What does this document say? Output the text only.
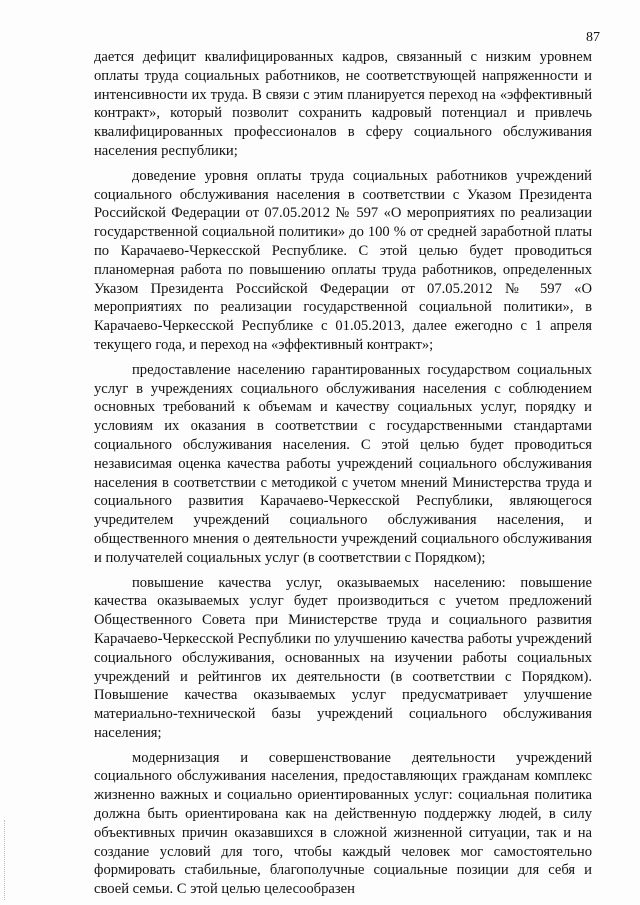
87

дается дефицит квалифицированных кадров, связанный с низким уровнем оплаты труда социальных работников, не соответствующей напряженности и интенсивности их труда. В связи с этим планируется переход на «эффективный контракт», который позволит сохранить кадровый потенциал и привлечь квалифицированных профессионалов в сферу социального обслуживания населения республики;

доведение уровня оплаты труда социальных работников учреждений социального обслуживания населения в соответствии с Указом Президента Российской Федерации от 07.05.2012 № 597 «О мероприятиях по реализации государственной социальной политики» до 100 % от средней заработной платы по Карачаево-Черкесской Республике. С этой целью будет проводиться планомерная работа по повышению оплаты труда работников, определенных Указом Президента Российской Федерации от 07.05.2012 № 597 «О мероприятиях по реализации государственной социальной политики», в Карачаево-Черкесской Республике с 01.05.2013, далее ежегодно с 1 апреля текущего года, и переход на «эффективный контракт»;

предоставление населению гарантированных государством социальных услуг в учреждениях социального обслуживания населения с соблюдением основных требований к объемам и качеству социальных услуг, порядку и условиям их оказания в соответствии с государственными стандартами социального обслуживания населения. С этой целью будет проводиться независимая оценка качества работы учреждений социального обслуживания населения в соответствии с методикой с учетом мнений Министерства труда и социального развития Карачаево-Черкесской Республики, являющегося учредителем учреждений социального обслуживания населения, и общественного мнения о деятельности учреждений социального обслуживания и получателей социальных услуг (в соответствии с Порядком);

повышение качества услуг, оказываемых населению: повышение качества оказываемых услуг будет производиться с учетом предложений Общественного Совета при Министерстве труда и социального развития Карачаево-Черкесской Республики по улучшению качества работы учреждений социального обслуживания, основанных на изучении работы социальных учреждений и рейтингов их деятельности (в соответствии с Порядком). Повышение качества оказываемых услуг предусматривает улучшение материально-технической базы учреждений социального обслуживания населения;

модернизация и совершенствование деятельности учреждений социального обслуживания населения, предоставляющих гражданам комплекс жизненно важных и социально ориентированных услуг: социальная политика должна быть ориентирована как на действенную поддержку людей, в силу объективных причин оказавшихся в сложной жизненной ситуации, так и на создание условий для того, чтобы каждый человек мог самостоятельно формировать стабильные, благополучные социальные позиции для себя и своей семьи. С этой целью целесообразен
